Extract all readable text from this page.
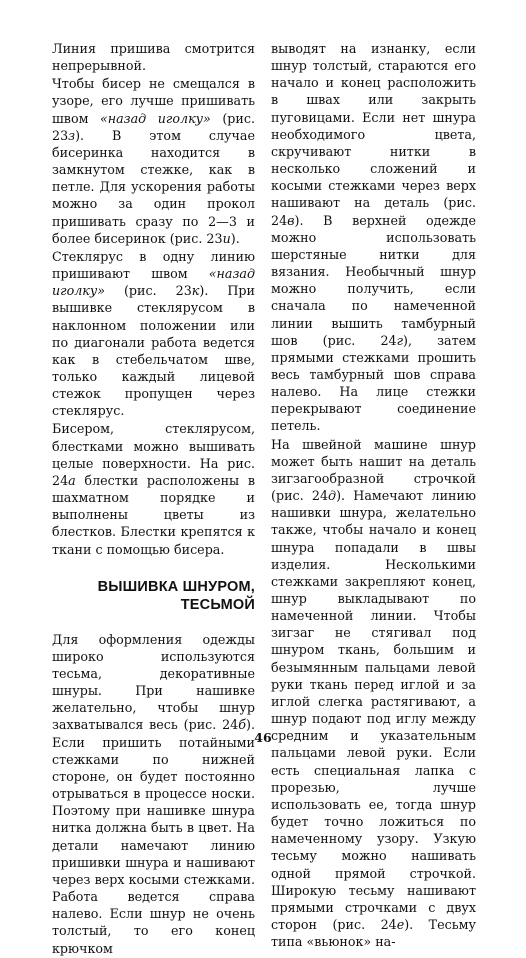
Линия пришива смотрится непрерывной.

Чтобы бисер не смещался в узоре, его лучше пришивать швом «назад иголку» (рис. 23з). В этом случае бисеринка находится в замкнутом стежке, как в петле. Для ускорения работы можно за один прокол пришивать сразу по 2—3 и более бисеринок (рис. 23и).

Стеклярус в одну линию пришивают швом «назад иголку» (рис. 23к). При вышивке стеклярусом в наклонном положении или по диагонали работа ведется как в стебельчатом шве, только каждый лицевой стежок пропущен через стеклярус.

Бисером, стеклярусом, блестками можно вышивать целые поверхности. На рис. 24а блестки расположены в шахматном порядке и выполнены цветы из блестков. Блестки крепятся к ткани с помощью бисера.

ВЫШИВКА ШНУРОМ,
ТЕСЬМОЙ

Для оформления одежды широко используются тесьма, декоративные шнуры. При нашивке желательно, чтобы шнур захватывался весь (рис. 24б). Если пришить потайными стежками по нижней стороне, он будет постоянно отрываться в процессе носки. Поэтому при нашивке шнура нитка должна быть в цвет. На детали намечают линию пришивки шнура и нашивают через верх косыми стежками. Работа ведется справа налево. Если шнур не очень толстый, то его конец крючком

выводят на изнанку, если шнур толстый, стараются его начало и конец расположить в швах или закрыть пуговицами. Если нет шнура необходимого цвета, скручивают нитки в несколько сложений и косыми стежками через верх нашивают на деталь (рис. 24в). В верхней одежде можно использовать шерстяные нитки для вязания. Необычный шнур можно получить, если сначала по намеченной линии вышить тамбурный шов (рис. 24г), затем прямыми стежками прошить весь тамбурный шов справа налево. На лице стежки перекрывают соединение петель.

На швейной машине шнур может быть нашит на деталь зигзагообразной строчкой (рис. 24д). Намечают линию нашивки шнура, желательно также, чтобы начало и конец шнура попадали в швы изделия. Несколькими стежками закрепляют конец, шнур выкладывают по намеченной линии. Чтобы зигзаг не стягивал под шнуром ткань, большим и безымянным пальцами левой руки ткань перед иглой и за иглой слегка растягивают, а шнур подают под иглу между средним и указательным пальцами левой руки. Если есть специальная лапка с прорезью, лучше использовать ее, тогда шнур будет точно ложиться по намеченному узору. Узкую тесьму можно нашивать одной прямой строчкой. Широкую тесьму нашивают прямыми строчками с двух сторон (рис. 24е). Тесьму типа «вьюнок» на-

46
